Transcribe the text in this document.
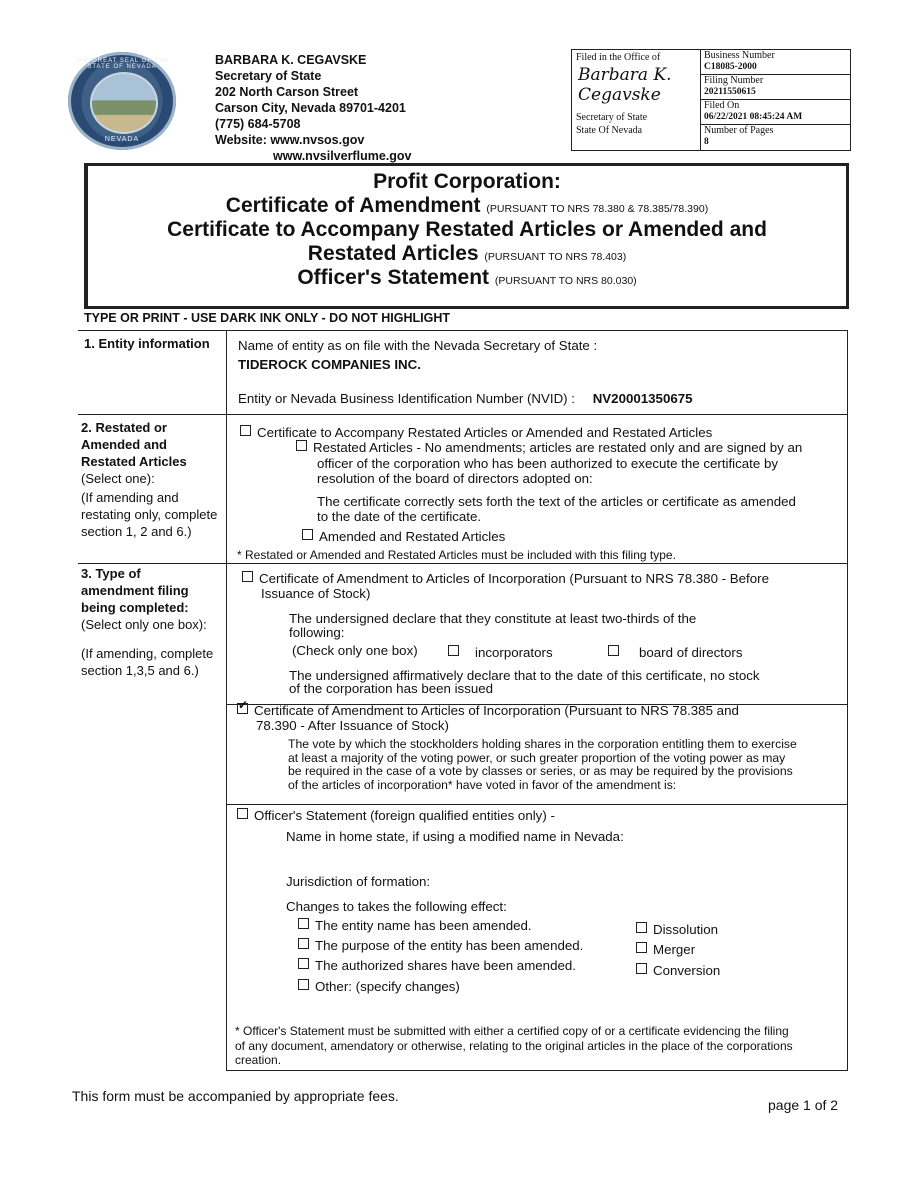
THE GREAT SEAL OF THE STATE OF NEVADA
NEVADA
BARBARA K. CEGAVSKE
Secretary of State
202 North Carson Street
Carson City, Nevada 89701-4201
(775) 684-5708
Website: www.nvsos.gov
www.nvsilverflume.gov
Filed in the Office of
Barbara K. Cegavske
Secretary of State
State Of Nevada
Business Number
C18085-2000
Filing Number
20211550615
Filed On
06/22/2021 08:45:24 AM
Number of Pages
8
Profit Corporation:
Certificate of Amendment (PURSUANT TO NRS 78.380 & 78.385/78.390)
Certificate to Accompany Restated Articles or Amended and
Restated Articles (PURSUANT TO NRS 78.403)
Officer's Statement (PURSUANT TO NRS 80.030)
TYPE OR PRINT - USE DARK INK ONLY - DO NOT HIGHLIGHT
1. Entity information Name of entity as on file with the Nevada Secretary of State :
TIDEROCK COMPANIES INC.
Entity or Nevada Business Identification Number (NVID) : NV20001350675
2. Restated or
Amended and
Restated Articles
(Select one):
(If amending and
restating only, complete
section 1, 2 and 6.)
Certificate to Accompany Restated Articles or Amended and Restated Articles
Restated Articles - No amendments; articles are restated only and are signed by an
officer of the corporation who has been authorized to execute the certificate by
resolution of the board of directors adopted on:
The certificate correctly sets forth the text of the articles or certificate as amended
to the date of the certificate.
Amended and Restated Articles
* Restated or Amended and Restated Articles must be included with this filing type.
3. Type of
amendment filing
being completed:
(Select only one box):
(If amending, complete
section 1,3,5 and 6.)
Certificate of Amendment to Articles of Incorporation (Pursuant to NRS 78.380 - Before
Issuance of Stock)
The undersigned declare that they constitute at least two-thirds of the
following:
(Check only one box)	incorporators	board of directors
The undersigned affirmatively declare that to the date of this certificate, no stock
of the corporation has been issued
✓Certificate of Amendment to Articles of Incorporation (Pursuant to NRS 78.385 and
78.390 - After Issuance of Stock)
The vote by which the stockholders holding shares in the corporation entitling them to exercise
at least a majority of the voting power, or such greater proportion of the voting power as may
be required in the case of a vote by classes or series, or as may be required by the provisions
of the articles of incorporation* have voted in favor of the amendment is:
Officer's Statement (foreign qualified entities only) -
Name in home state, if using a modified name in Nevada:
Jurisdiction of formation:
Changes to takes the following effect:
The entity name has been amended.
The purpose of the entity has been amended.
The authorized shares have been amended.
Other: (specify changes)
Dissolution
Merger
Conversion
* Officer's Statement must be submitted with either a certified copy of or a certificate evidencing the filing
of any document, amendatory or otherwise, relating to the original articles in the place of the corporations
creation.
This form must be accompanied by appropriate fees.
page 1 of 2
